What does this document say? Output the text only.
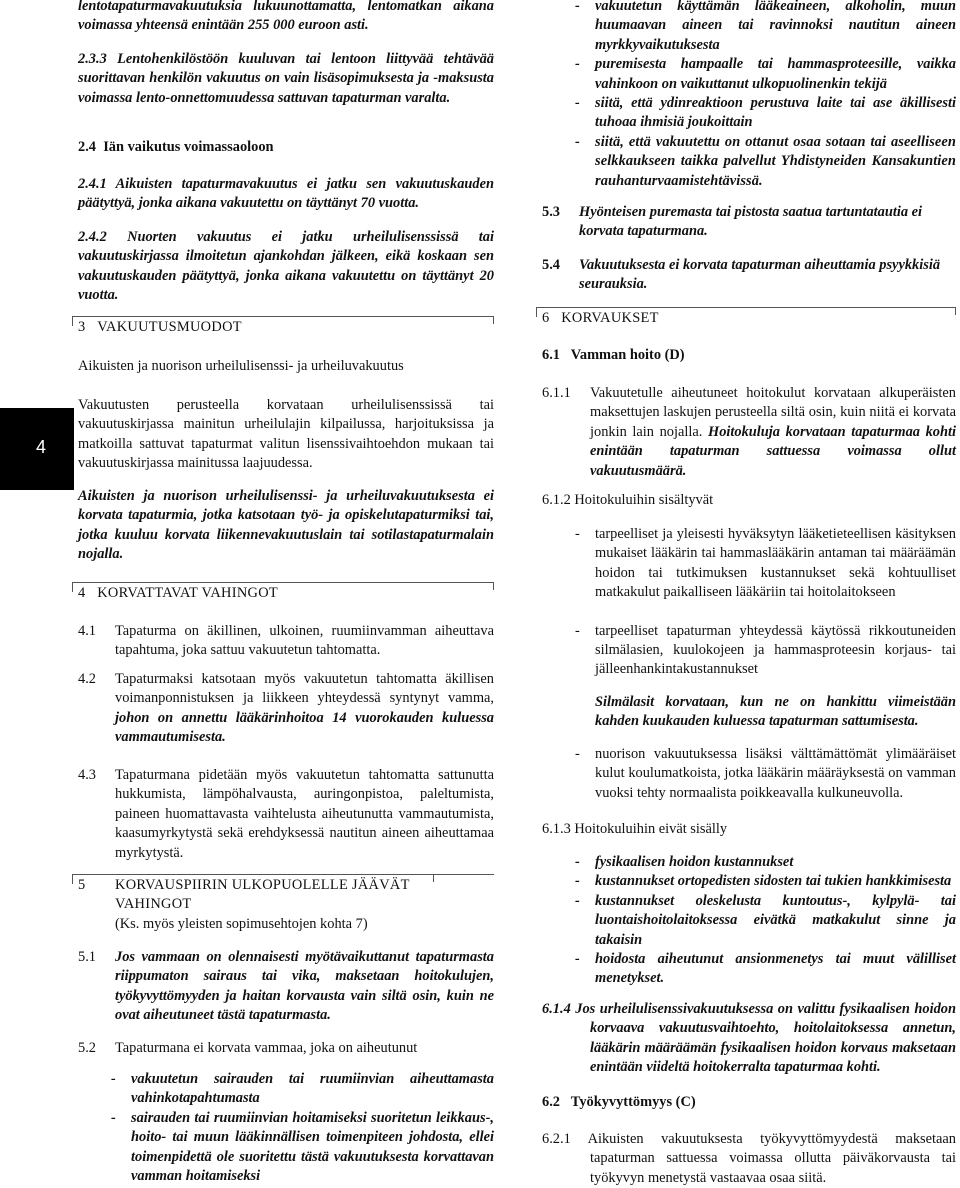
4

lentotapaturmavakuutuksia lukuunottamatta, lentomatkan aikana voimassa yhteensä enintään 255 000 euroon asti.

2.3.3 Lentohenkilöstöön kuuluvan tai lentoon liittyvää tehtävää suorittavan henkilön vakuutus on vain lisäsopimuksesta ja -maksusta voimassa lento-onnettomuudessa sattuvan tapaturman varalta.

2.4 Iän vaikutus voimassaoloon

2.4.1 Aikuisten tapaturmavakuutus ei jatku sen vakuutuskauden päätyttyä, jonka aikana vakuutettu on täyttänyt 70 vuotta.

2.4.2 Nuorten vakuutus ei jatku urheilulisenssissä tai vakuutuskirjassa ilmoitetun ajankohdan jälkeen, eikä koskaan sen vakuutuskauden päätyttyä, jonka aikana vakuutettu on täyttänyt 20 vuotta.

3 VAKUUTUSMUODOT

Aikuisten ja nuorison urheilulisenssi- ja urheiluvakuutus

Vakuutusten perusteella korvataan urheilulisenssissä tai vakuutuskirjassa mainitun urheilulajin kilpailussa, harjoituksissa ja matkoilla sattuvat tapaturmat valitun lisenssivaihtoehdon mukaan tai vakuutuskirjassa mainitussa laajuudessa.

Aikuisten ja nuorison urheilulisenssi- ja urheiluvakuutuksesta ei korvata tapaturmia, jotka katsotaan työ- ja opiskelutapaturmiksi tai, jotka kuuluu korvata liikennevakuutuslain tai sotilastapaturmalain nojalla.

4 KORVATTAVAT VAHINGOT
4.1	Tapaturma on äkillinen, ulkoinen, ruumiinvamman aiheuttava tapahtuma, joka sattuu vakuutetun tahtomatta.

4.2	Tapaturmaksi katsotaan myös vakuutetun tahtomatta äkillisen voimanponnistuksen ja liikkeen yhteydessä syntynyt vamma, johon on annettu lääkärinhoitoa 14 vuorokauden kuluessa vammautumisesta.

4.3	Tapaturmana pidetään myös vakuutetun tahtomatta sattunutta hukkumista, lämpöhalvausta, auringonpistoa, paleltumista, paineen huomattavasta vaihtelusta aiheutunutta vammautumista, kaasumyrkytystä sekä erehdyksessä nautitun aineen aiheuttamaa myrkytystä.

5 KORVAUSPIIRIN ULKOPUOLELLE JÄÄVÄT
VAHINGOT
(Ks. myös yleisten sopimusehtojen kohta 7)
5.1	Jos vammaan on olennaisesti myötävaikuttanut tapaturmasta riippumaton sairaus tai vika, maksetaan hoitokulujen, työkyvyttömyyden ja haitan korvausta vain siltä osin, kuin ne ovat aiheutuneet tästä tapaturmasta.

5.2	Tapaturmana ei korvata vammaa, joka on aiheutunut

- vakuutetun sairauden tai ruumiinvian aiheuttamasta vahinkotapahtumasta
- sairauden tai ruumiinvian hoitamiseksi suoritetun leikkaus-, hoito- tai muun lääkinnällisen toimenpiteen johdosta, ellei toimenpidettä ole suoritettu tästä vakuutuksesta korvattavan vamman hoitamiseksi
- vakuutetun käyttämän lääkeaineen, alkoholin, muun huumaavan aineen tai ravinnoksi nautitun aineen myrkkyvaikutuksesta
- puremisesta hampaalle tai hammasproteesille, vaikka vahinkoon on vaikuttanut ulkopuolinenkin tekijä
- siitä, että ydinreaktioon perustuva laite tai ase äkillisesti tuhoaa ihmisiä joukoittain
- siitä, että vakuutettu on ottanut osaa sotaan tai aseelliseen selkkaukseen taikka palvellut Yhdistyneiden Kansakuntien rauhanturvaamistehtävissä.
5.3	Hyönteisen puremasta tai pistosta saatua tartuntatautia ei korvata tapaturmana.

5.4	Vakuutuksesta ei korvata tapaturman aiheuttamia psyykkisiä seurauksia.

6 KORVAUKSET
6.1 Vamman hoito (D)
6.1.1	Vakuutetulle aiheutuneet hoitokulut korvataan alkuperäisten maksettujen laskujen perusteella siltä osin, kuin niitä ei korvata jonkin lain nojalla. Hoitokuluja korvataan tapaturmaa kohti enintään tapaturman sattuessa voimassa ollut vakuutusmäärä.

6.1.2 Hoitokuluihin sisältyvät
- tarpeelliset ja yleisesti hyväksytyn lääketieteellisen käsityksen mukaiset lääkärin tai hammaslääkärin antaman tai määräämän hoidon tai tutkimuksen kustannukset sekä kohtuulliset matkakulut paikalliseen lääkäriin tai hoitolaitokseen
- tarpeelliset tapaturman yhteydessä käytössä rikkoutuneiden silmälasien, kuulokojeen ja hammasproteesin korjaus- tai jälleenhankintakustannukset

Silmälasit korvataan, kun ne on hankittu viimeistään kahden kuukauden kuluessa tapaturman sattumisesta.

- nuorison vakuutuksessa lisäksi välttämättömät ylimääräiset kulut koulumatkoista, jotka lääkärin määräyksestä on vamman vuoksi tehty normaalista poikkeavalla kulkuneuvolla.
6.1.3 Hoitokuluihin eivät sisälly
- fysikaalisen hoidon kustannukset
- kustannukset ortopedisten sidosten tai tukien hankkimisesta
- kustannukset oleskelusta kuntoutus-, kylpylä- tai luontaishoitolaitoksessa eivätkä matkakulut sinne ja takaisin
- hoidosta aiheutunut ansionmenetys tai muut välilliset menetykset.

6.1.4 Jos urheilulisenssivakuutuksessa on valittu fysikaalisen hoidon korvaava vakuutusvaihtoehto, hoitolaitoksessa annetun, lääkärin määräämän fysikaalisen hoidon korvaus maksetaan enintään viideltä hoitokerralta tapaturmaa kohti.

6.2 Työkyvyttömyys (C)

6.2.1 Aikuisten vakuutuksesta työkyvyttömyydestä maksetaan tapaturman sattuessa voimassa ollutta päiväkorvausta tai työkyvyn menetystä vastaavaa osaa siitä.
